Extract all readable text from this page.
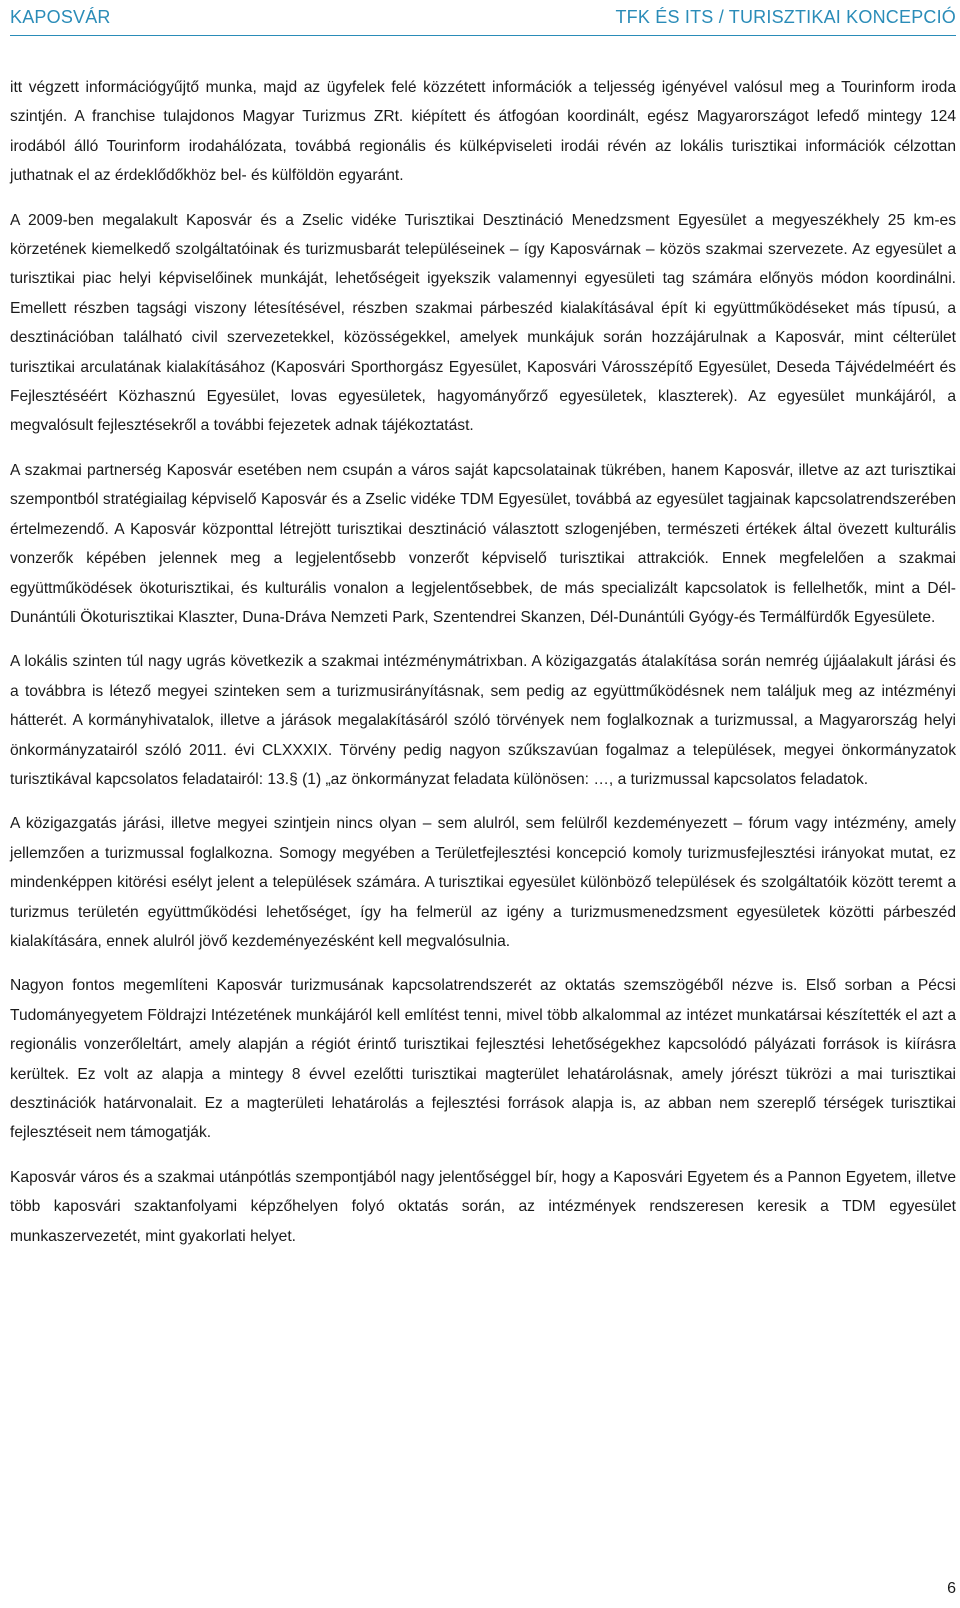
KAPOSVÁR	TFK ÉS ITS / TURISZTIKAI KONCEPCIÓ

itt végzett információgyűjtő munka, majd az ügyfelek felé közzétett információk a teljesség igényével valósul meg a Tourinform iroda szintjén. A franchise tulajdonos Magyar Turizmus ZRt. kiépített és átfogóan koordinált, egész Magyarországot lefedő mintegy 124 irodából álló Tourinform irodahálózata, továbbá regionális és külképviseleti irodái révén az lokális turisztikai információk célzottan juthatnak el az érdeklődőkhöz bel- és külföldön egyaránt.

A 2009-ben megalakult Kaposvár és a Zselic vidéke Turisztikai Desztináció Menedzsment Egyesület a megyeszékhely 25 km-es körzetének kiemelkedő szolgáltatóinak és turizmusbarát településeinek – így Kaposvárnak – közös szakmai szervezete. Az egyesület a turisztikai piac helyi képviselőinek munkáját, lehetőségeit igyekszik valamennyi egyesületi tag számára előnyös módon koordinálni. Emellett részben tagsági viszony létesítésével, részben szakmai párbeszéd kialakításával épít ki együttműködéseket más típusú, a desztinációban található civil szervezetekkel, közösségekkel, amelyek munkájuk során hozzájárulnak a Kaposvár, mint célterület turisztikai arculatának kialakításához (Kaposvári Sporthorgász Egyesület, Kaposvári Városszépítő Egyesület, Deseda Tájvédelméért és Fejlesztéséért Közhasznú Egyesület, lovas egyesületek, hagyományőrző egyesületek, klaszterek). Az egyesület munkájáról, a megvalósult fejlesztésekről a további fejezetek adnak tájékoztatást.

A szakmai partnerség Kaposvár esetében nem csupán a város saját kapcsolatainak tükrében, hanem Kaposvár, illetve az azt turisztikai szempontból stratégiailag képviselő Kaposvár és a Zselic vidéke TDM Egyesület, továbbá az egyesület tagjainak kapcsolatrendszerében értelmezendő. A Kaposvár központtal létrejött turisztikai desztináció választott szlogenjében, természeti értékek által övezett kulturális vonzerők képében jelennek meg a legjelentősebb vonzerőt képviselő turisztikai attrakciók. Ennek megfelelően a szakmai együttműködések ökoturisztikai, és kulturális vonalon a legjelentősebbek, de más specializált kapcsolatok is fellelhetők, mint a Dél-Dunántúli Ökoturisztikai Klaszter, Duna-Dráva Nemzeti Park, Szentendrei Skanzen, Dél-Dunántúli Gyógy-és Termálfürdők Egyesülete.

A lokális szinten túl nagy ugrás következik a szakmai intézménymátrixban. A közigazgatás átalakítása során nemrég újjáalakult járási és a továbbra is létező megyei szinteken sem a turizmusirányításnak, sem pedig az együttműködésnek nem találjuk meg az intézményi hátterét. A kormányhivatalok, illetve a járások megalakításáról szóló törvények nem foglalkoznak a turizmussal, a Magyarország helyi önkormányzatairól szóló 2011. évi CLXXXIX. Törvény pedig nagyon szűkszavúan fogalmaz a települések, megyei önkormányzatok turisztikával kapcsolatos feladatairól: 13.§ (1) „az önkormányzat feladata különösen: …, a turizmussal kapcsolatos feladatok.

A közigazgatás járási, illetve megyei szintjein nincs olyan – sem alulról, sem felülről kezdeményezett – fórum vagy intézmény, amely jellemzően a turizmussal foglalkozna. Somogy megyében a Területfejlesztési koncepció komoly turizmusfejlesztési irányokat mutat, ez mindenképpen kitörési esélyt jelent a települések számára. A turisztikai egyesület különböző települések és szolgáltatóik között teremt a turizmus területén együttműködési lehetőséget, így ha felmerül az igény a turizmusmenedzsment egyesületek közötti párbeszéd kialakítására, ennek alulról jövő kezdeményezésként kell megvalósulnia.

Nagyon fontos megemlíteni Kaposvár turizmusának kapcsolatrendszerét az oktatás szemszögéből nézve is. Első sorban a Pécsi Tudományegyetem Földrajzi Intézetének munkájáról kell említést tenni, mivel több alkalommal az intézet munkatársai készítették el azt a regionális vonzerőleltárt, amely alapján a régiót érintő turisztikai fejlesztési lehetőségekhez kapcsolódó pályázati források is kiírásra kerültek. Ez volt az alapja a mintegy 8 évvel ezelőtti turisztikai magterület lehatárolásnak, amely jórészt tükrözi a mai turisztikai desztinációk határvonalait. Ez a magterületi lehatárolás a fejlesztési források alapja is, az abban nem szereplő térségek turisztikai fejlesztéseit nem támogatják.

Kaposvár város és a szakmai utánpótlás szempontjából nagy jelentőséggel bír, hogy a Kaposvári Egyetem és a Pannon Egyetem, illetve több kaposvári szaktanfolyami képzőhelyen folyó oktatás során, az intézmények rendszeresen keresik a TDM egyesület munkaszervezetét, mint gyakorlati helyet.

6
